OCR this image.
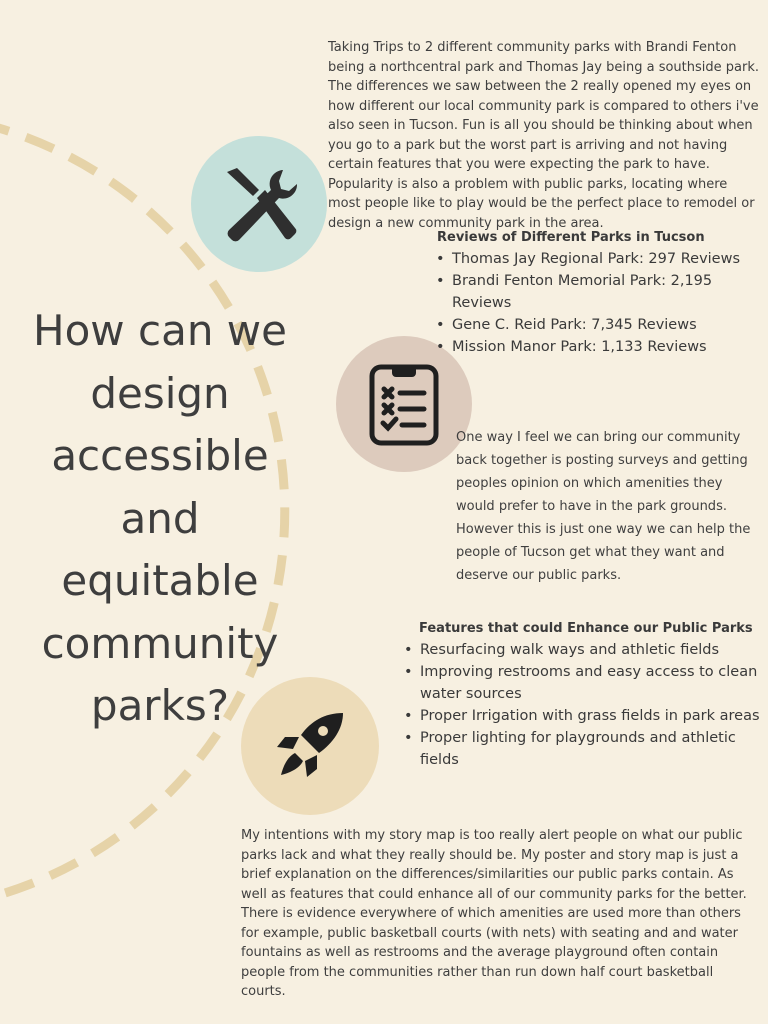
How can we design accessible and equitable community parks?

Taking Trips to 2 different community parks with Brandi Fenton being a northcentral park and Thomas Jay being a southside park. The differences we saw between the 2 really opened my eyes on how different our local community park is compared to others i've also seen in Tucson. Fun is all you should be thinking about when you go to a park but the worst part is arriving and not having certain features that you were expecting the park to have. Popularity is also a problem with public parks, locating where most people like to play would be the perfect place to remodel or design a new community park in the area.

Reviews of Different Parks in Tucson

• Thomas Jay Regional Park: 297 Reviews
• Brandi Fenton Memorial Park: 2,195 Reviews
• Gene C. Reid Park: 7,345 Reviews
• Mission Manor Park: 1,133 Reviews

One way I feel we can bring our community back together is posting surveys and getting peoples opinion on which amenities they would prefer to have in the park grounds. However this is just one way we can help the people of Tucson get what they want and deserve our public parks.

Features that could Enhance our Public Parks

• Resurfacing walk ways and athletic fields
• Improving restrooms and easy access to clean water sources
• Proper Irrigation with grass fields in park areas
• Proper lighting for playgrounds and athletic fields

My intentions with my story map is too really alert people on what our public parks lack and what they really should be. My poster and story map is just a brief explanation on the differences/similarities our public parks contain. As well as features that could enhance all of our community parks for the better. There is evidence everywhere of which amenities are used more than others for example, public basketball courts (with nets) with seating and and water fountains as well as restrooms and the average playground often contain people from the communities rather than run down half court basketball courts.
